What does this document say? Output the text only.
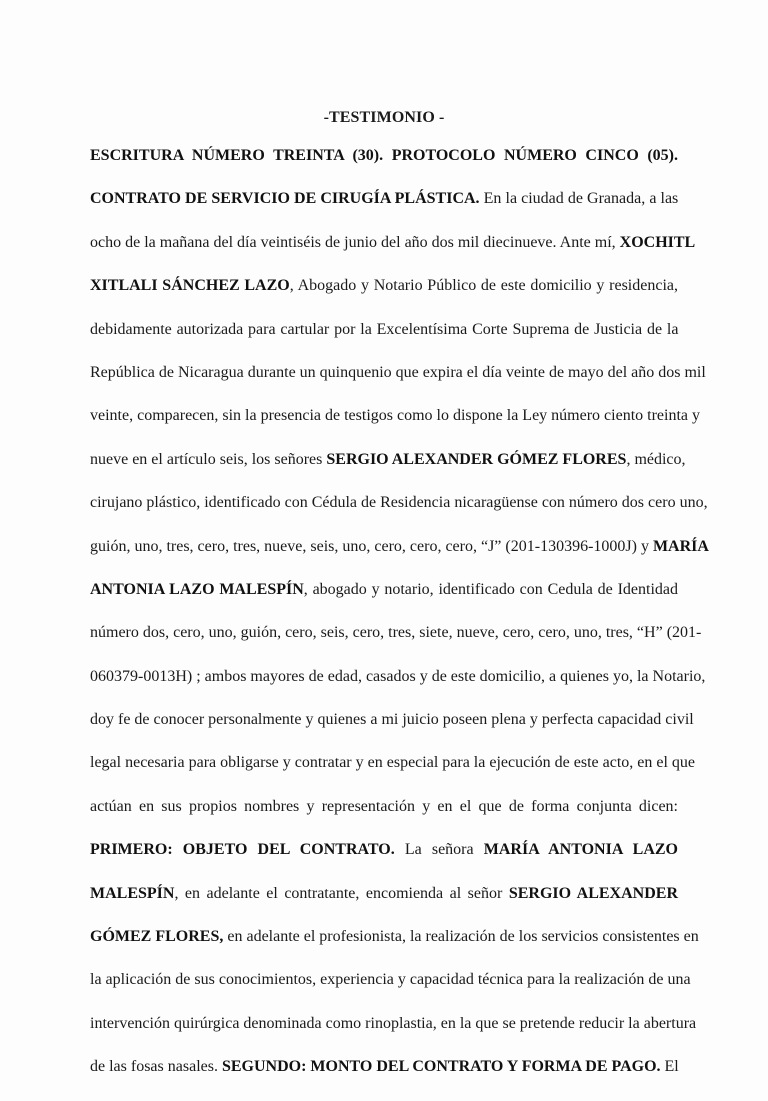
-TESTIMONIO -
ESCRITURA NÚMERO TREINTA (30). PROTOCOLO NÚMERO CINCO (05).
CONTRATO DE SERVICIO DE CIRUGÍA PLÁSTICA. En la ciudad de Granada, a las
ocho de la mañana del día veintiséis de junio del año dos mil diecinueve. Ante mí, XOCHITL
XITLALI SÁNCHEZ LAZO, Abogado y Notario Público de este domicilio y residencia,
debidamente autorizada para cartular por la Excelentísima Corte Suprema de Justicia de la
República de Nicaragua durante un quinquenio que expira el día veinte de mayo del año dos mil
veinte, comparecen, sin la presencia de testigos como lo dispone la Ley número ciento treinta y
nueve en el artículo seis, los señores SERGIO ALEXANDER GÓMEZ FLORES, médico,
cirujano plástico, identificado con Cédula de Residencia nicaragüense con número dos cero uno,
guión, uno, tres, cero, tres, nueve, seis, uno, cero, cero, cero, “J” (201-130396-1000J) y MARÍA
ANTONIA LAZO MALESPÍN, abogado y notario, identificado con Cedula de Identidad
número dos, cero, uno, guión, cero, seis, cero, tres, siete, nueve, cero, cero, uno, tres, “H” (201-
060379-0013H) ; ambos mayores de edad, casados y de este domicilio, a quienes yo, la Notario,
doy fe de conocer personalmente y quienes a mi juicio poseen plena y perfecta capacidad civil
legal necesaria para obligarse y contratar y en especial para la ejecución de este acto, en el que
actúan en sus propios nombres y representación y en el que de forma conjunta dicen:
PRIMERO: OBJETO DEL CONTRATO. La señora MARÍA ANTONIA LAZO
MALESPÍN, en adelante el contratante, encomienda al señor SERGIO ALEXANDER
GÓMEZ FLORES, en adelante el profesionista, la realización de los servicios consistentes en
la aplicación de sus conocimientos, experiencia y capacidad técnica para la realización de una
intervención quirúrgica denominada como rinoplastia, en la que se pretende reducir la abertura
de las fosas nasales. SEGUNDO: MONTO DEL CONTRATO Y FORMA DE PAGO. El
